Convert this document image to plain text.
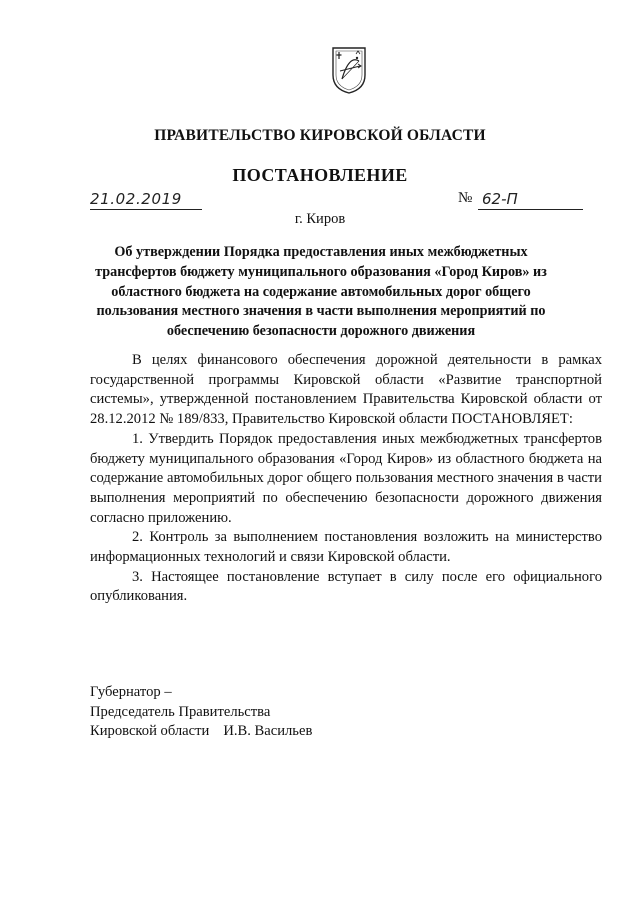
ПРАВИТЕЛЬСТВО КИРОВСКОЙ ОБЛАСТИ
ПОСТАНОВЛЕНИЕ
21.02.2019	№ 62-П
г. Киров
Об утверждении Порядка предоставления иных межбюджетных трансфертов бюджету муниципального образования «Город Киров» из областного бюджета на содержание автомобильных дорог общего пользования местного значения в части выполнения мероприятий по обеспечению безопасности дорожного движения

В целях финансового обеспечения дорожной деятельности в рамках государственной программы Кировской области «Развитие транспортной системы», утвержденной постановлением Правительства Кировской области от 28.12.2012 № 189/833, Правительство Кировской области ПОСТАНОВЛЯЕТ:

1. Утвердить Порядок предоставления иных межбюджетных трансфертов бюджету муниципального образования «Город Киров» из областного бюджета на содержание автомобильных дорог общего пользования местного значения в части выполнения мероприятий по обеспечению безопасности дорожного движения согласно приложению.

2. Контроль за выполнением постановления возложить на министерство информационных технологий и связи Кировской области.

3. Настоящее постановление вступает в силу после его официального опубликования.

Губернатор –
Председатель Правительства
Кировской области И.В. Васильев
